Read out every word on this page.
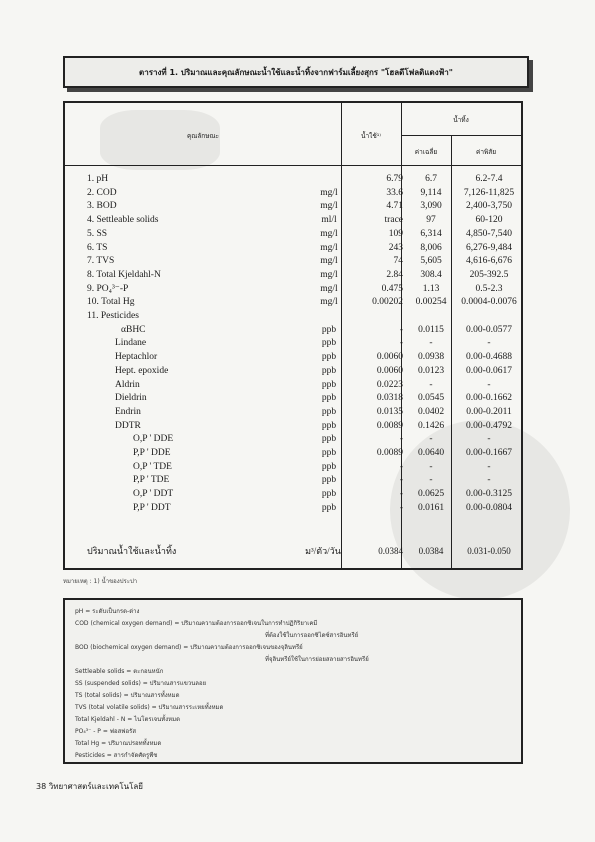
ตารางที่ 1. ปริมาณและคุณลักษณะน้ำใช้และน้ำทิ้งจากฟาร์มเลี้ยงสุกร "โฮลดีโฟลดิแดงฟ้า"
คุณลักษณะ	น้ำใช้¹⁾
น้ำทิ้ง
ค่าเฉลี่ย	ค่าพิสัย
1. pH	6.79	6.7	6.2-7.4
2. COD	mg/l	33.6	9,114	7,126-11,825
3. BOD	mg/l	4.71	3,090	2,400-3,750
4. Settleable solids	ml/l	trace	97	60-120
5. SS	mg/l	109	6,314	4,850-7,540
6. TS	mg/l	243	8,006	6,276-9,484
7. TVS	mg/l	74	5,605	4,616-6,676
8. Total Kjeldahl-N	mg/l	2.84	308.4	205-392.5
9. PO₄³⁻-P	mg/l	0.475	1.13	0.5-2.3
10. Total Hg	mg/l	0.00202	0.00254	0.0004-0.0076
11. Pesticides
αBHC	ppb	-	0.0115	0.00-0.0577
Lindane	ppb	-	-	-
Heptachlor	ppb	0.0060	0.0938	0.00-0.4688
Hept. epoxide	ppb	0.0060	0.0123	0.00-0.0617
Aldrin	ppb	0.0223	-	-
Dieldrin	ppb	0.0318	0.0545	0.00-0.1662
Endrin	ppb	0.0135	0.0402	0.00-0.2011
DDTR	ppb	0.0089	0.1426	0.00-0.4792
O,P ' DDE	ppb	-	-	-
P,P ' DDE	ppb	0.0089	0.0640	0.00-0.1667
O,P ' TDE	ppb	-	-	-
P,P ' TDE	ppb	-	-	-
O,P ' DDT	ppb	-	0.0625	0.00-0.3125
P,P ' DDT	ppb	-	0.0161	0.00-0.0804
ปริมาณน้ำใช้และน้ำทิ้ง	ม³/ตัว/วัน	0.0384	0.0384	0.031-0.050
หมายเหตุ : 1) น้ำของประปา
pH = ระดับเป็นกรด-ด่าง
COD (chemical oxygen demand) = ปริมาณความต้องการออกซิเจนในการทำปฏิกิริยาเคมี
ที่ต้องใช้ในการออกซิไดซ์สารอินทรีย์
BOD (biochemical oxygen demand) = ปริมาณความต้องการออกซิเจนของจุลินทรีย์
ที่จุลินทรีย์ใช้ในการย่อยสลายสารอินทรีย์
Settleable solids = ตะกอนหนัก
SS (suspended solids) = ปริมาณสารแขวนลอย
TS (total solids) = ปริมาณสารทั้งหมด
TVS (total volatile solids) = ปริมาณสารระเหยทั้งหมด
Total Kjeldahl - N = ไนโตรเจนทั้งหมด
PO₄³⁻ - P = ฟอสฟอรัส
Total Hg = ปริมาณปรอททั้งหมด
Pesticides = สารกำจัดศัตรูพืช
38 วิทยาศาสตร์และเทคโนโลยี
